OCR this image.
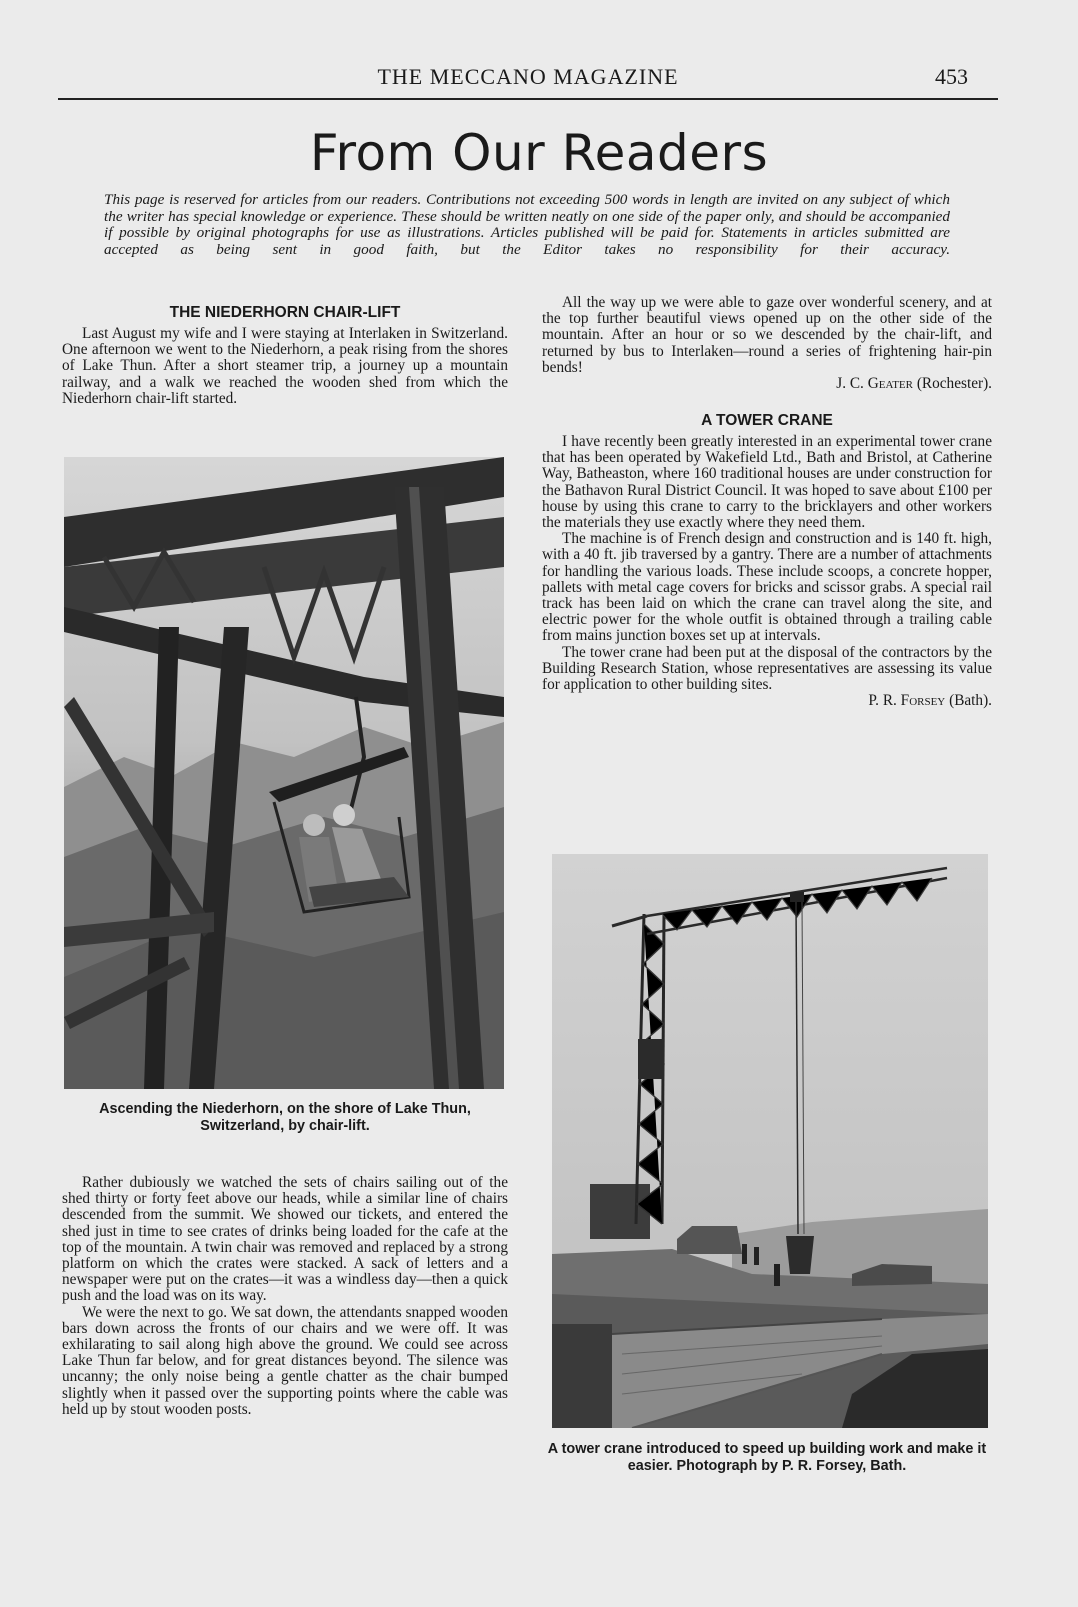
THE MECCANO MAGAZINE	453
From Our Readers
This page is reserved for articles from our readers. Contributions not exceeding 500 words in length are invited on any subject of which the writer has special knowledge or experience. These should be written neatly on one side of the paper only, and should be accompanied if possible by original photographs for use as illustrations. Articles published will be paid for. Statements in articles submitted are accepted as being sent in good faith, but the Editor takes no responsibility for their accuracy.
THE NIEDERHORN CHAIR-LIFT

Last August my wife and I were staying at Interlaken in Switzerland. One afternoon we went to the Niederhorn, a peak rising from the shores of Lake Thun. After a short steamer trip, a journey up a mountain railway, and a walk we reached the wooden shed from which the Niederhorn chair-lift started.

Ascending the Niederhorn, on the shore of Lake Thun, Switzerland, by chair-lift.

Rather dubiously we watched the sets of chairs sailing out of the shed thirty or forty feet above our heads, while a similar line of chairs descended from the summit. We showed our tickets, and entered the shed just in time to see crates of drinks being loaded for the cafe at the top of the mountain. A twin chair was removed and replaced by a strong platform on which the crates were stacked. A sack of letters and a newspaper were put on the crates—it was a windless day—then a quick push and the load was on its way.

We were the next to go. We sat down, the attendants snapped wooden bars down across the fronts of our chairs and we were off. It was exhilarating to sail along high above the ground. We could see across Lake Thun far below, and for great distances beyond. The silence was uncanny; the only noise being a gentle chatter as the chair bumped slightly when it passed over the supporting points where the cable was held up by stout wooden posts.

All the way up we were able to gaze over wonderful scenery, and at the top further beautiful views opened up on the other side of the mountain. After an hour or so we descended by the chair-lift, and returned by bus to Interlaken—round a series of frightening hair-pin bends!

J. C. Geater (Rochester).
A TOWER CRANE

I have recently been greatly interested in an experimental tower crane that has been operated by Wakefield Ltd., Bath and Bristol, at Catherine Way, Batheaston, where 160 traditional houses are under construction for the Bathavon Rural District Council. It was hoped to save about £100 per house by using this crane to carry to the bricklayers and other workers the materials they use exactly where they need them.

The machine is of French design and construction and is 140 ft. high, with a 40 ft. jib traversed by a gantry. There are a number of attachments for handling the various loads. These include scoops, a concrete hopper, pallets with metal cage covers for bricks and scissor grabs. A special rail track has been laid on which the crane can travel along the site, and electric power for the whole outfit is obtained through a trailing cable from mains junction boxes set up at intervals.

The tower crane had been put at the disposal of the contractors by the Building Research Station, whose representatives are assessing its value for application to other building sites.

P. R. Forsey (Bath).
A tower crane introduced to speed up building work and make it easier. Photograph by P. R. Forsey, Bath.
